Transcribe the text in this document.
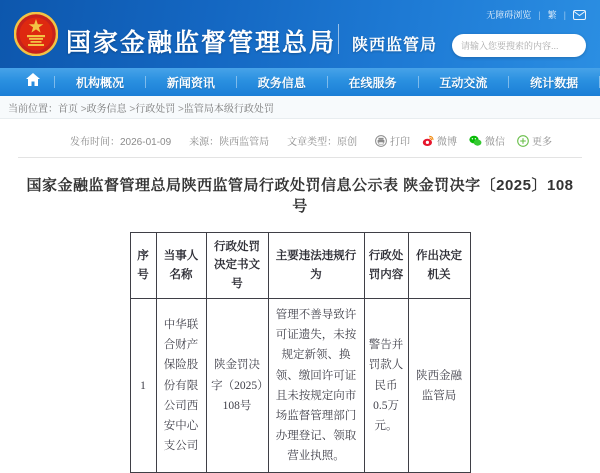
国家金融监督管理总局 陕西监管局
无障碍浏览 | 繁 |
请输入您要搜索的内容...
机构概况	新闻资讯	政务信息	在线服务	互动交流	统计数据
当前位置： 首页 > 政务信息 > 行政处罚 > 监管局本级行政处罚
发布时间：2026-01-09 来源：陕西监管局 文章类型：原创	打印	微博	微信	更多
国家金融监督管理总局陕西监管局行政处罚信息公示表 陕金罚决字〔2025〕108号
序号	当事人名称	行政处罚决定书文号	主要违法违规行为	行政处罚内容	作出决定机关
1	中华联合财产保险股份有限公司西安中心支公司	陕金罚决字（2025）108号	管理不善导致许可证遗失，未按规定新领、换领、缴回许可证且未按规定向市场监督管理部门办理登记、领取营业执照。	警告并罚款人民币0.5万元。	陕西金融监管局
